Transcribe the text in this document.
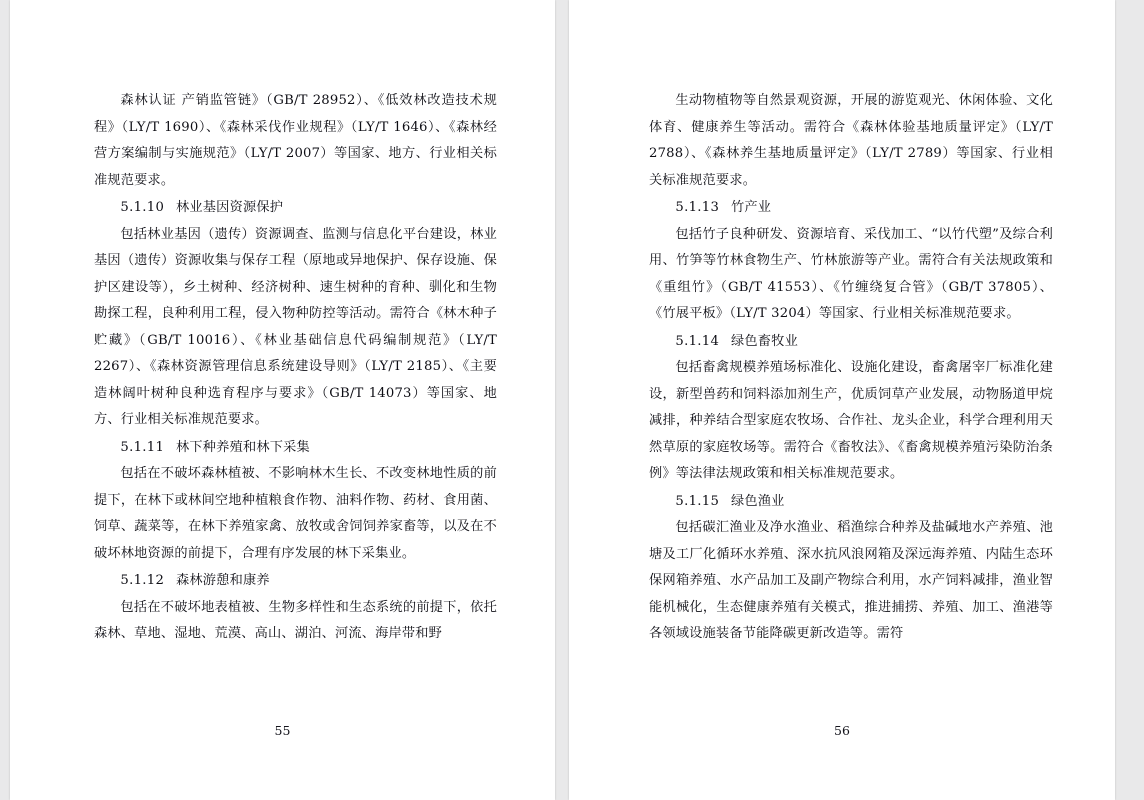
森林认证 产销监管链》（GB/T 28952）、《低效林改造技术规程》（LY/T 1690）、《森林采伐作业规程》（LY/T 1646）、《森林经营方案编制与实施规范》（LY/T 2007）等国家、地方、行业相关标准规范要求。

5.1.10 林业基因资源保护

包括林业基因（遗传）资源调查、监测与信息化平台建设，林业基因（遗传）资源收集与保存工程（原地或异地保护、保存设施、保护区建设等），乡土树种、经济树种、速生树种的育种、驯化和生物勘探工程，良种利用工程，侵入物种防控等活动。需符合《林木种子贮藏》（GB/T 10016）、《林业基础信息代码编制规范》（LY/T 2267）、《森林资源管理信息系统建设导则》（LY/T 2185）、《主要造林阔叶树种良种选育程序与要求》（GB/T 14073）等国家、地方、行业相关标准规范要求。

5.1.11 林下种养殖和林下采集

包括在不破坏森林植被、不影响林木生长、不改变林地性质的前提下，在林下或林间空地种植粮食作物、油料作物、药材、食用菌、饲草、蔬菜等，在林下养殖家禽、放牧或舍饲饲养家畜等，以及在不破坏林地资源的前提下，合理有序发展的林下采集业。

5.1.12 森林游憩和康养

包括在不破坏地表植被、生物多样性和生态系统的前提下，依托森林、草地、湿地、荒漠、高山、湖泊、河流、海岸带和野

55

生动物植物等自然景观资源，开展的游览观光、休闲体验、文化体育、健康养生等活动。需符合《森林体验基地质量评定》（LY/T 2788）、《森林养生基地质量评定》（LY/T 2789）等国家、行业相关标准规范要求。

5.1.13 竹产业

包括竹子良种研发、资源培育、采伐加工、“以竹代塑”及综合利用、竹笋等竹林食物生产、竹林旅游等产业。需符合有关法规政策和《重组竹》（GB/T 41553）、《竹缠绕复合管》（GB/T 37805）、《竹展平板》（LY/T 3204）等国家、行业相关标准规范要求。

5.1.14 绿色畜牧业

包括畜禽规模养殖场标准化、设施化建设，畜禽屠宰厂标准化建设，新型兽药和饲料添加剂生产，优质饲草产业发展，动物肠道甲烷减排，种养结合型家庭农牧场、合作社、龙头企业，科学合理利用天然草原的家庭牧场等。需符合《畜牧法》、《畜禽规模养殖污染防治条例》等法律法规政策和相关标准规范要求。

5.1.15 绿色渔业

包括碳汇渔业及净水渔业、稻渔综合种养及盐碱地水产养殖、池塘及工厂化循环水养殖、深水抗风浪网箱及深远海养殖、内陆生态环保网箱养殖、水产品加工及副产物综合利用，水产饲料减排，渔业智能机械化，生态健康养殖有关模式，推进捕捞、养殖、加工、渔港等各领域设施装备节能降碳更新改造等。需符

56
